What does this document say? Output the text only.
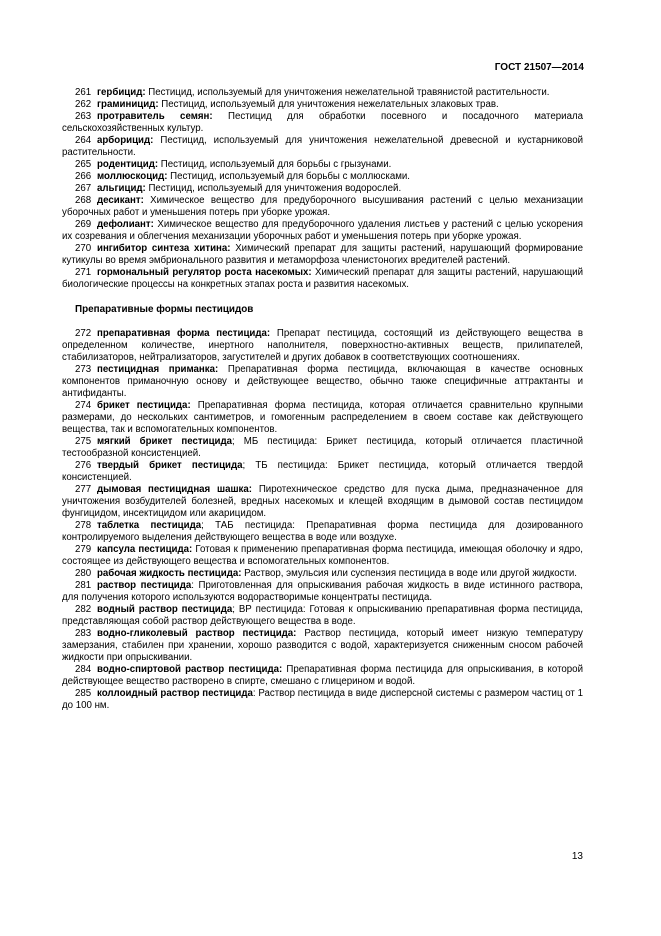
ГОСТ 21507—2014

261 гербицид: Пестицид, используемый для уничтожения нежелательной травянистой растительности.

262 граминицид: Пестицид, используемый для уничтожения нежелательных злаковых трав.

263 протравитель семян: Пестицид для обработки посевного и посадочного материала сельскохозяйственных культур.

264 арборицид: Пестицид, используемый для уничтожения нежелательной древесной и кустарниковой растительности.

265 родентицид: Пестицид, используемый для борьбы с грызунами.

266 моллюскоцид: Пестицид, используемый для борьбы с моллюсками.

267 альгицид: Пестицид, используемый для уничтожения водорослей.

268 десикант: Химическое вещество для предуборочного высушивания растений с целью механизации уборочных работ и уменьшения потерь при уборке урожая.

269 дефолиант: Химическое вещество для предуборочного удаления листьев у растений с целью ускорения их созревания и облегчения механизации уборочных работ и уменьшения потерь при уборке урожая.

270 ингибитор синтеза хитина: Химический препарат для защиты растений, нарушающий формирование кутикулы во время эмбрионального развития и метаморфоза членистоногих вредителей растений.

271 гормональный регулятор роста насекомых: Химический препарат для защиты растений, нарушающий биологические процессы на конкретных этапах роста и развития насекомых.

Препаративные формы пестицидов

272 препаративная форма пестицида: Препарат пестицида, состоящий из действующего вещества в определенном количестве, инертного наполнителя, поверхностно-активных веществ, прилипателей, стабилизаторов, нейтрализаторов, загустителей и других добавок в соответствующих соотношениях.

273 пестицидная приманка: Препаративная форма пестицида, включающая в качестве основных компонентов приманочную основу и действующее вещество, обычно также специфичные аттрактанты и антифиданты.

274 брикет пестицида: Препаративная форма пестицида, которая отличается сравнительно крупными размерами, до нескольких сантиметров, и гомогенным распределением в своем составе как действующего вещества, так и вспомогательных компонентов.

275 мягкий брикет пестицида; МБ пестицида: Брикет пестицида, который отличается пластичной тестообразной консистенцией.

276 твердый брикет пестицида; ТБ пестицида: Брикет пестицида, который отличается твердой консистенцией.

277 дымовая пестицидная шашка: Пиротехническое средство для пуска дыма, предназначенное для уничтожения возбудителей болезней, вредных насекомых и клещей входящим в дымовой состав пестицидом фунгицидом, инсектицидом или акарицидом.

278 таблетка пестицида; ТАБ пестицида: Препаративная форма пестицида для дозированного контролируемого выделения действующего вещества в воде или воздухе.

279 капсула пестицида: Готовая к применению препаративная форма пестицида, имеющая оболочку и ядро, состоящее из действующего вещества и вспомогательных компонентов.

280 рабочая жидкость пестицида: Раствор, эмульсия или суспензия пестицида в воде или другой жидкости.

281 раствор пестицида: Приготовленная для опрыскивания рабочая жидкость в виде истинного раствора, для получения которого используются водорастворимые концентраты пестицида.

282 водный раствор пестицида; ВР пестицида: Готовая к опрыскиванию препаративная форма пестицида, представляющая собой раствор действующего вещества в воде.

283 водно-гликолевый раствор пестицида: Раствор пестицида, который имеет низкую температуру замерзания, стабилен при хранении, хорошо разводится с водой, характеризуется сниженным сносом рабочей жидкости при опрыскивании.

284 водно-спиртовой раствор пестицида: Препаративная форма пестицида для опрыскивания, в которой действующее вещество растворено в спирте, смешано с глицерином и водой.

285 коллоидный раствор пестицида: Раствор пестицида в виде дисперсной системы с размером частиц от 1 до 100 нм.

13
